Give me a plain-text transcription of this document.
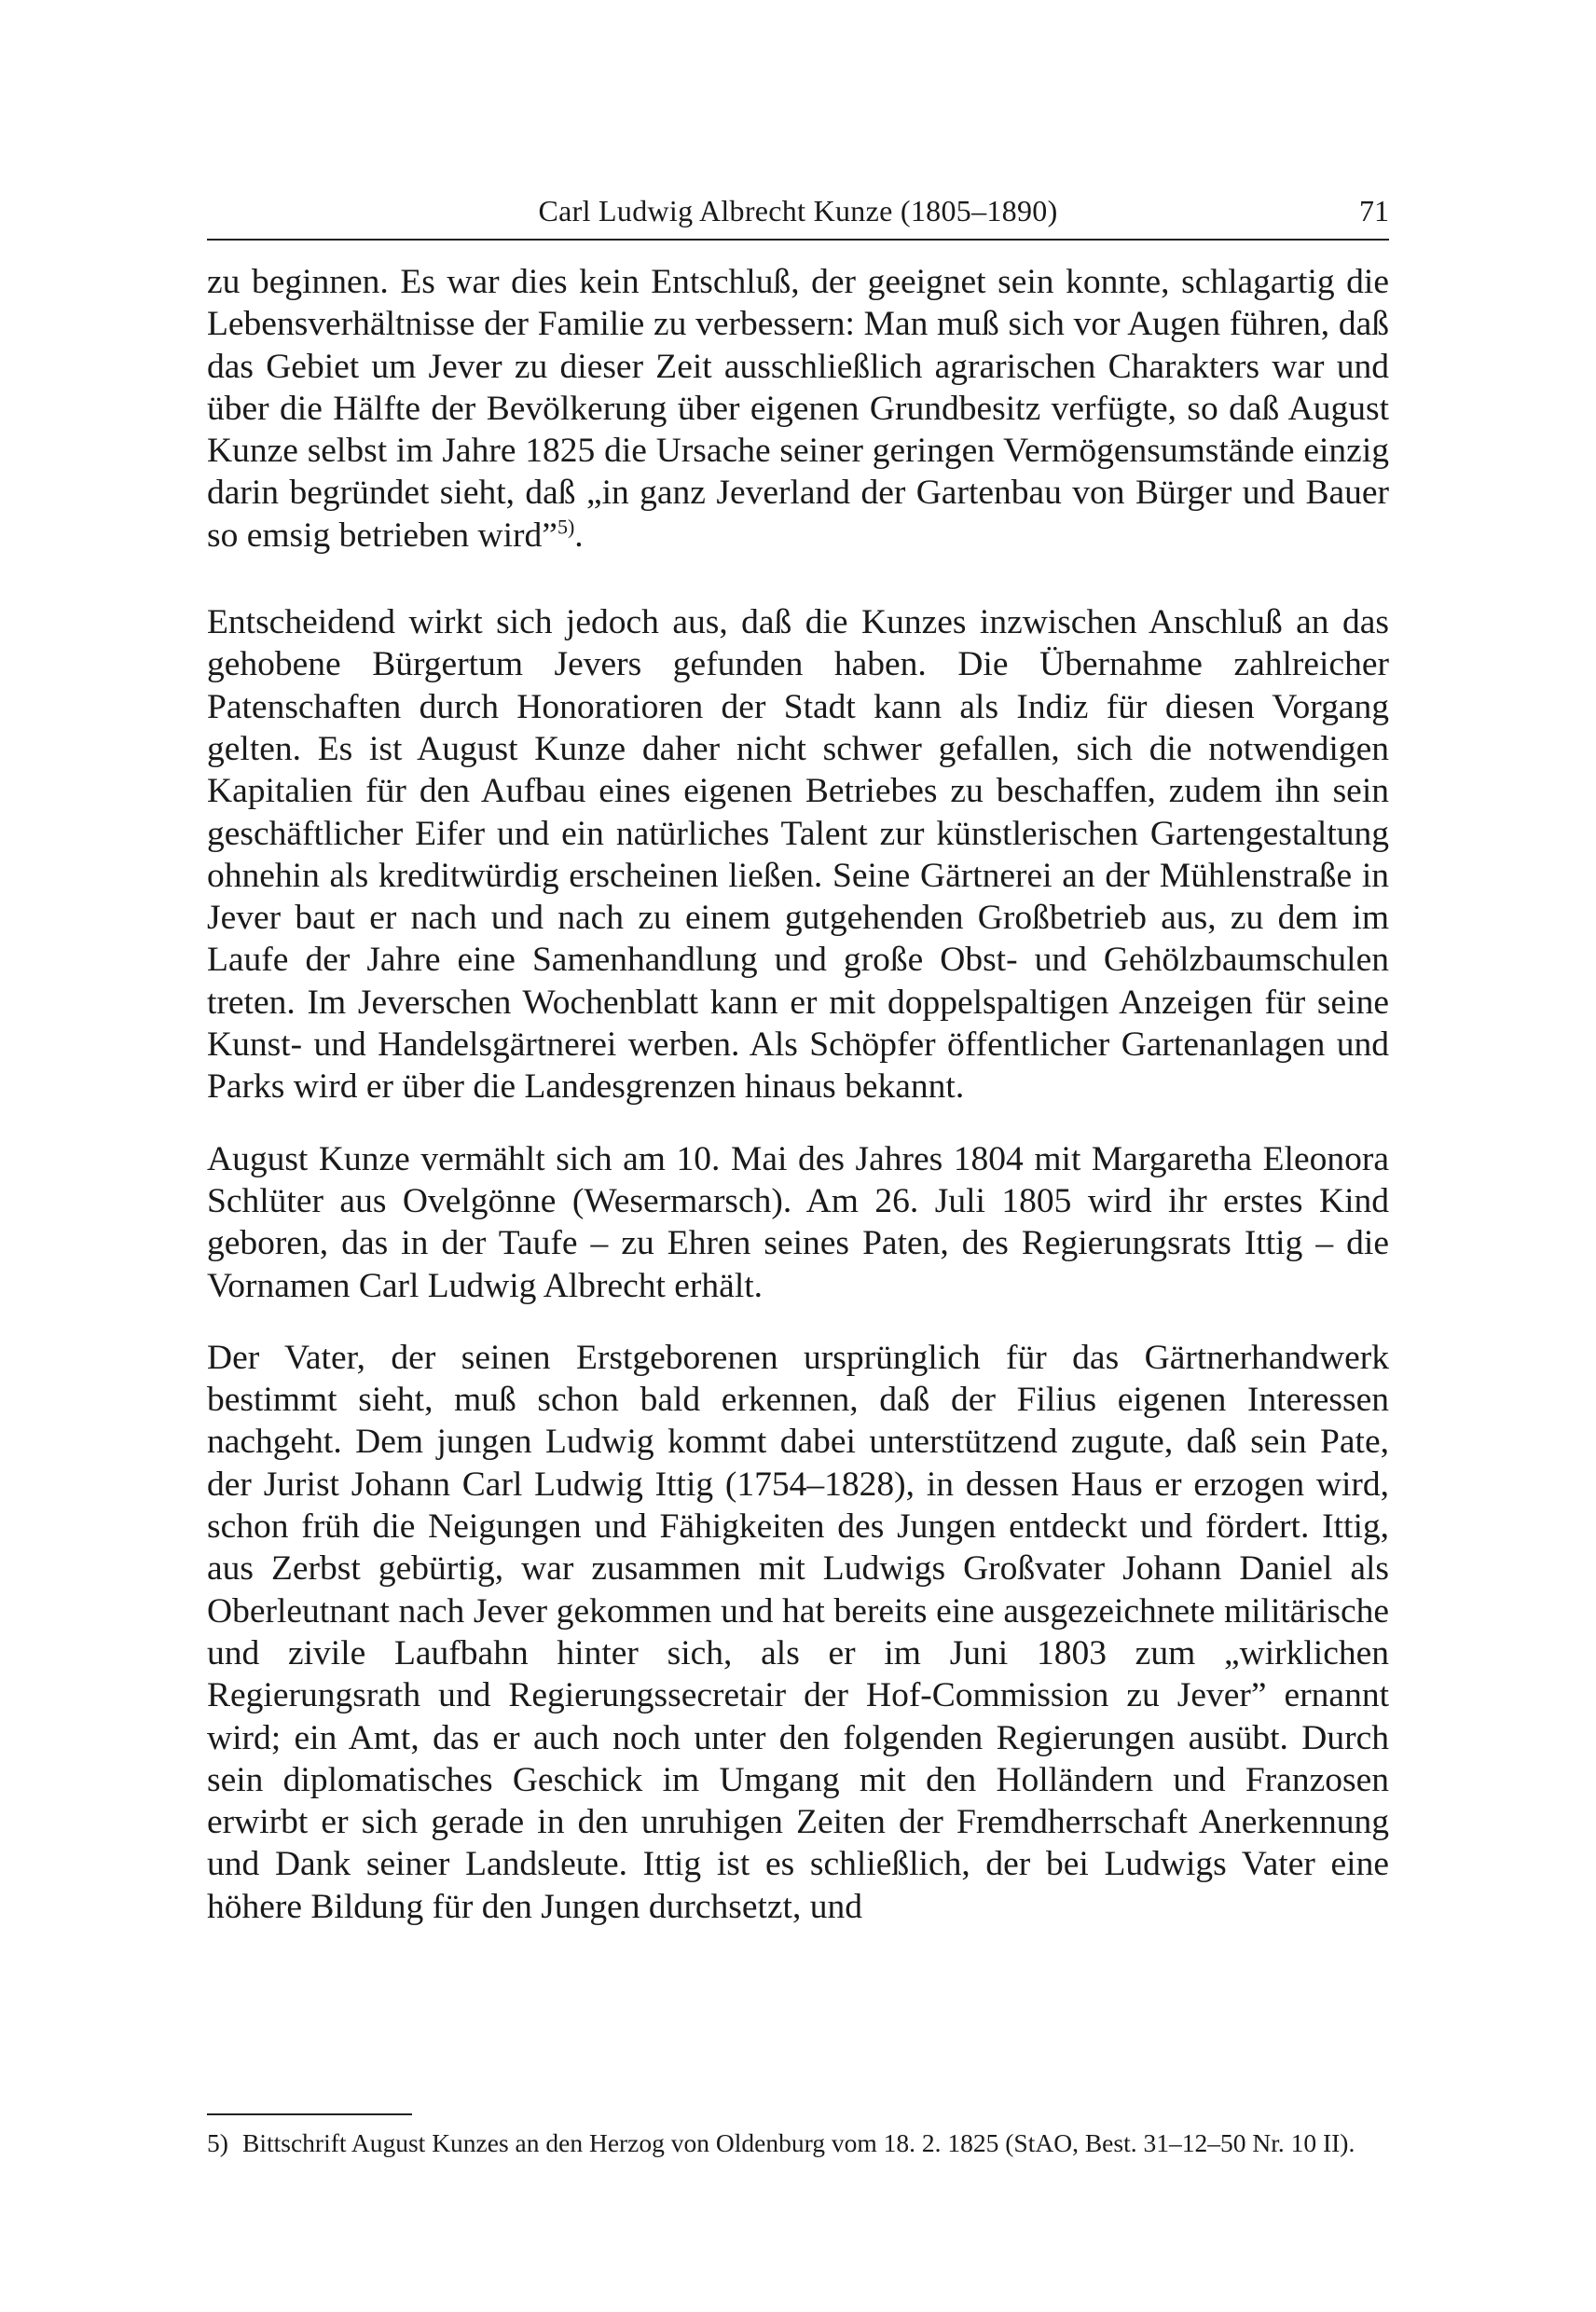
Carl Ludwig Albrecht Kunze (1805–1890)	71

zu beginnen. Es war dies kein Entschluß, der geeignet sein konnte, schlagartig die Lebensverhältnisse der Familie zu verbessern: Man muß sich vor Augen führen, daß das Gebiet um Jever zu dieser Zeit ausschließlich agrarischen Charakters war und über die Hälfte der Bevölkerung über eigenen Grundbesitz verfügte, so daß August Kunze selbst im Jahre 1825 die Ursache seiner geringen Vermögensumstände einzig darin begründet sieht, daß „in ganz Jeverland der Gartenbau von Bürger und Bauer so emsig betrieben wird”$^{5)}$.

Entscheidend wirkt sich jedoch aus, daß die Kunzes inzwischen Anschluß an das gehobene Bürgertum Jevers gefunden haben. Die Übernahme zahlreicher Patenschaften durch Honoratioren der Stadt kann als Indiz für diesen Vorgang gelten. Es ist August Kunze daher nicht schwer gefallen, sich die notwendigen Kapitalien für den Aufbau eines eigenen Betriebes zu beschaffen, zudem ihn sein geschäftlicher Eifer und ein natürliches Talent zur künstlerischen Gartengestaltung ohnehin als kreditwürdig erscheinen ließen. Seine Gärtnerei an der Mühlenstraße in Jever baut er nach und nach zu einem gutgehenden Großbetrieb aus, zu dem im Laufe der Jahre eine Samenhandlung und große Obst- und Gehölzbaumschulen treten. Im Jeverschen Wochenblatt kann er mit doppelspaltigen Anzeigen für seine Kunst- und Handelsgärtnerei werben. Als Schöpfer öffentlicher Gartenanlagen und Parks wird er über die Landesgrenzen hinaus bekannt.

August Kunze vermählt sich am 10. Mai des Jahres 1804 mit Margaretha Eleonora Schlüter aus Ovelgönne (Wesermarsch). Am 26. Juli 1805 wird ihr erstes Kind geboren, das in der Taufe – zu Ehren seines Paten, des Regierungsrats Ittig – die Vornamen Carl Ludwig Albrecht erhält.

Der Vater, der seinen Erstgeborenen ursprünglich für das Gärtnerhandwerk bestimmt sieht, muß schon bald erkennen, daß der Filius eigenen Interessen nachgeht. Dem jungen Ludwig kommt dabei unterstützend zugute, daß sein Pate, der Jurist Johann Carl Ludwig Ittig (1754–1828), in dessen Haus er erzogen wird, schon früh die Neigungen und Fähigkeiten des Jungen entdeckt und fördert. Ittig, aus Zerbst gebürtig, war zusammen mit Ludwigs Großvater Johann Daniel als Oberleutnant nach Jever gekommen und hat bereits eine ausgezeichnete militärische und zivile Laufbahn hinter sich, als er im Juni 1803 zum „wirklichen Regierungsrath und Regierungssecretair der Hof-Commission zu Jever” ernannt wird; ein Amt, das er auch noch unter den folgenden Regierungen ausübt. Durch sein diplomatisches Geschick im Umgang mit den Holländern und Franzosen erwirbt er sich gerade in den unruhigen Zeiten der Fremdherrschaft Anerkennung und Dank seiner Landsleute. Ittig ist es schließlich, der bei Ludwigs Vater eine höhere Bildung für den Jungen durchsetzt, und

5) Bittschrift August Kunzes an den Herzog von Oldenburg vom 18. 2. 1825 (StAO, Best. 31–12–50 Nr. 10 II).
